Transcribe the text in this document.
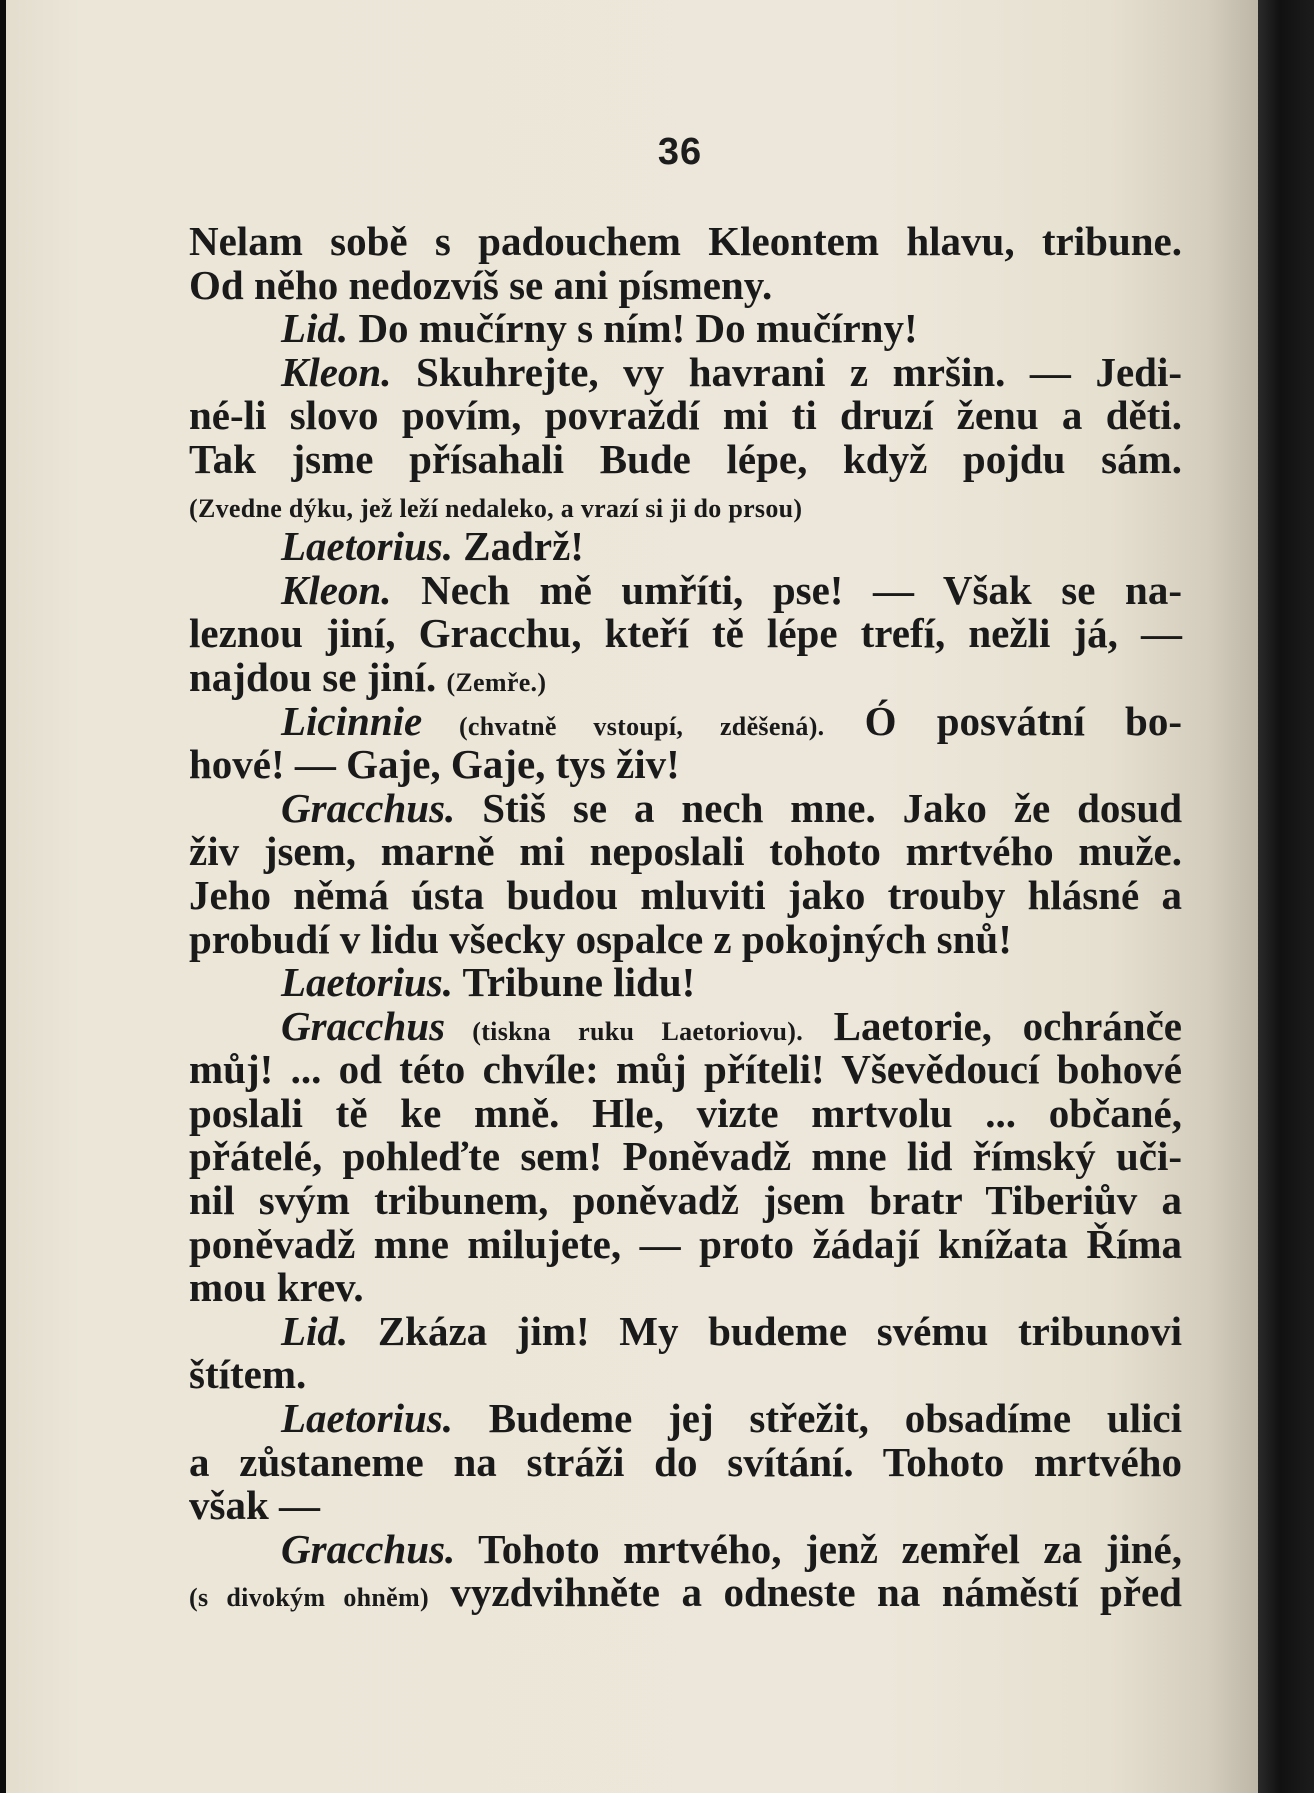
36
Nelam sobě s padouchem Kleontem hlavu, tribune.
Od něho nedozvíš se ani písmeny.
Lid. Do mučírny s ním! Do mučírny!
Kleon. Skuhrejte, vy havrani z mršin. — Jedi-
né-li slovo povím, povraždí mi ti druzí ženu a děti.
Tak jsme přísahali Bude lépe, když pojdu sám.
(Zvedne dýku, jež leží nedaleko, a vrazí si ji do prsou)
Laetorius. Zadrž!
Kleon. Nech mě umříti, pse! — Však se na-
leznou jiní, Gracchu, kteří tě lépe trefí, nežli já, —
najdou se jiní. (Zemře.)
Licinnie (chvatně vstoupí, zděšená). Ó posvátní bo-
hové! — Gaje, Gaje, tys živ!
Gracchus. Stiš se a nech mne. Jako že dosud
živ jsem, marně mi neposlali tohoto mrtvého muže.
Jeho němá ústa budou mluviti jako trouby hlásné a
probudí v lidu všecky ospalce z pokojných snů!
Laetorius. Tribune lidu!
Gracchus (tiskna ruku Laetoriovu). Laetorie, ochránče
můj! ... od této chvíle: můj příteli! Vševědoucí bohové
poslali tě ke mně. Hle, vizte mrtvolu ... občané,
přátelé, pohleďte sem! Poněvadž mne lid římský uči-
nil svým tribunem, poněvadž jsem bratr Tiberiův a
poněvadž mne milujete, — proto žádají knížata Říma
mou krev.
Lid. Zkáza jim! My budeme svému tribunovi
štítem.
Laetorius. Budeme jej střežit, obsadíme ulici
a zůstaneme na stráži do svítání. Tohoto mrtvého
však —
Gracchus. Tohoto mrtvého, jenž zemřel za jiné,
(s divokým ohněm) vyzdvihněte a odneste na náměstí před
